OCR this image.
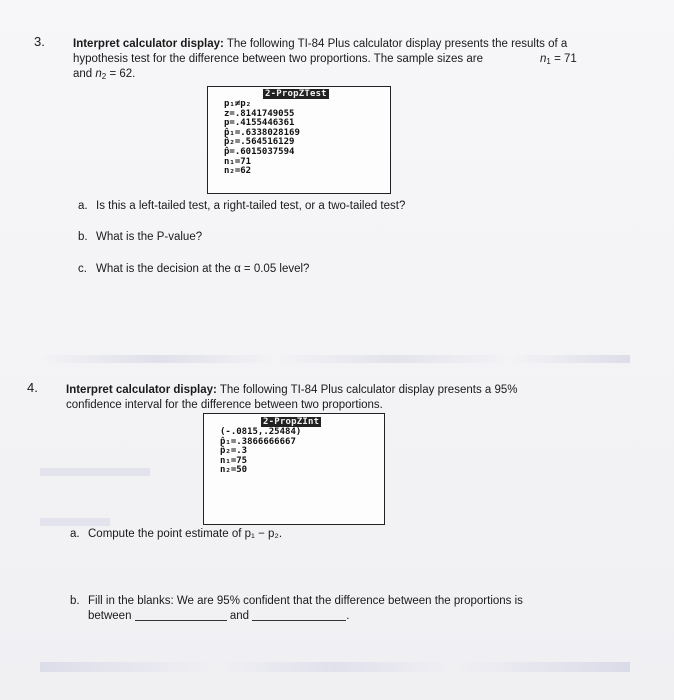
3. Interpret calculator display: The following TI-84 Plus calculator display presents the results of a
hypothesis test for the difference between two proportions. The sample sizes are
and $n_2 = 62$.
$n_1 = 71$
2-PropZTest
p₁≠p₂
z=.8141749055
p=.4155446361
p̂₁=.6338028169
p̂₂=.564516129
p̂=.6015037594
n₁=71
n₂=62
a. Is this a left-tailed test, a right-tailed test, or a two-tailed test?
b. What is the P-value?
c. What is the decision at the α = 0.05 level?
4. Interpret calculator display: The following TI-84 Plus calculator display presents a 95%
confidence interval for the difference between two proportions.
2-PropZInt
(-.0815,.25484)
p̂₁=.3866666667
p̂₂=.3
n₁=75
n₂=50
a. Compute the point estimate of p₁ − p₂.
b. Fill in the blanks: We are 95% confident that the difference between the proportions is
between	and	.
